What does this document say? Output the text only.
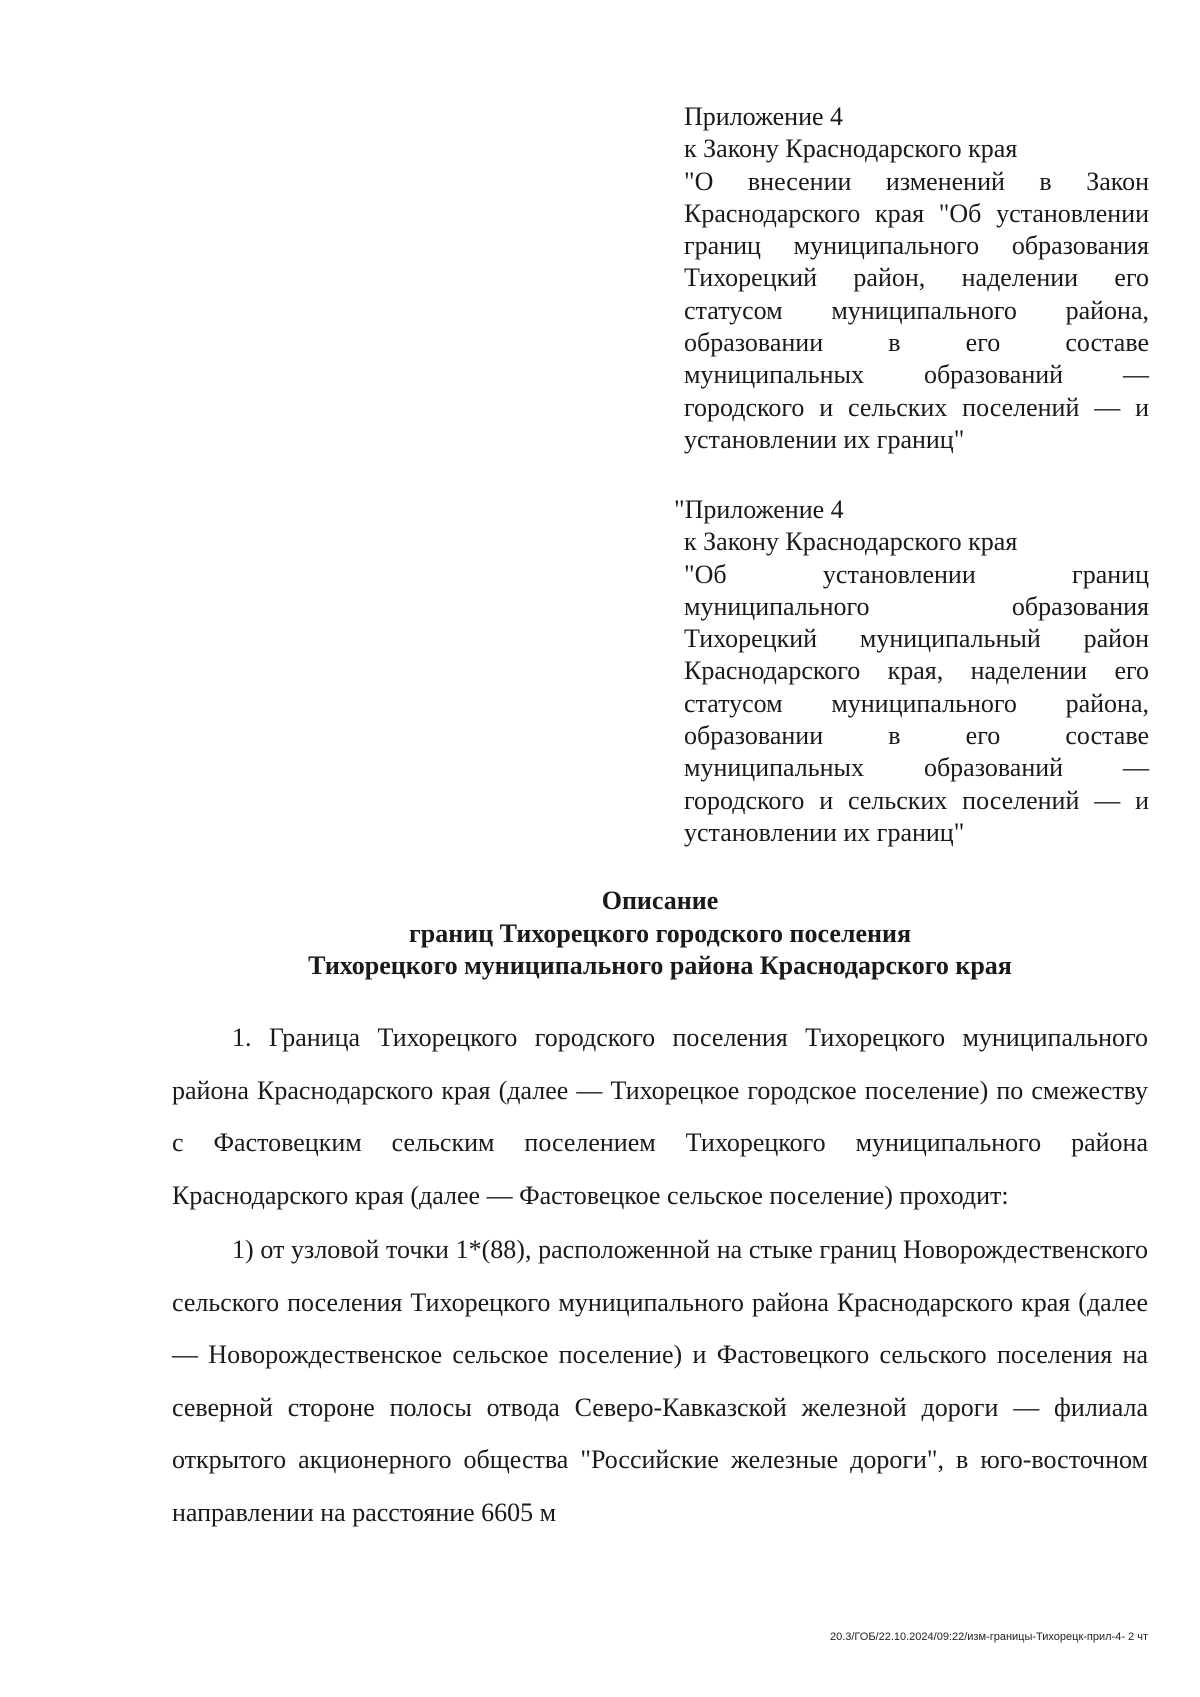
Приложение 4
к Закону Краснодарского края
"О внесении изменений в Закон Краснодарского края "Об установлении границ муниципального образования Тихорецкий район, наделении его статусом муниципального района, образовании в его составе муниципальных образований — городского и сельских поселений — и установлении их границ"
"Приложение 4
к Закону Краснодарского края
"Об установлении границ муниципального образования Тихорецкий муниципальный район Краснодарского края, наделении его статусом муниципального района, образовании в его составе муниципальных образований — городского и сельских поселений — и установлении их границ"
Описание
границ Тихорецкого городского поселения
Тихорецкого муниципального района Краснодарского края

1. Граница Тихорецкого городского поселения Тихорецкого муниципального района Краснодарского края (далее — Тихорецкое городское поселение) по смежеству с Фастовецким сельским поселением Тихорецкого муниципального района Краснодарского края (далее — Фастовецкое сельское поселение) проходит:

1) от узловой точки 1*(88), расположенной на стыке границ Новорождественского сельского поселения Тихорецкого муниципального района Краснодарского края (далее — Новорождественское сельское поселение) и Фастовецкого сельского поселения на северной стороне полосы отвода Северо-Кавказской железной дороги — филиала открытого акционерного общества "Российские железные дороги", в юго-восточном направлении на расстояние 6605 м

20.3/ГОБ/22.10.2024/09:22/изм-границы-Тихорецк-прил-4- 2 чт
